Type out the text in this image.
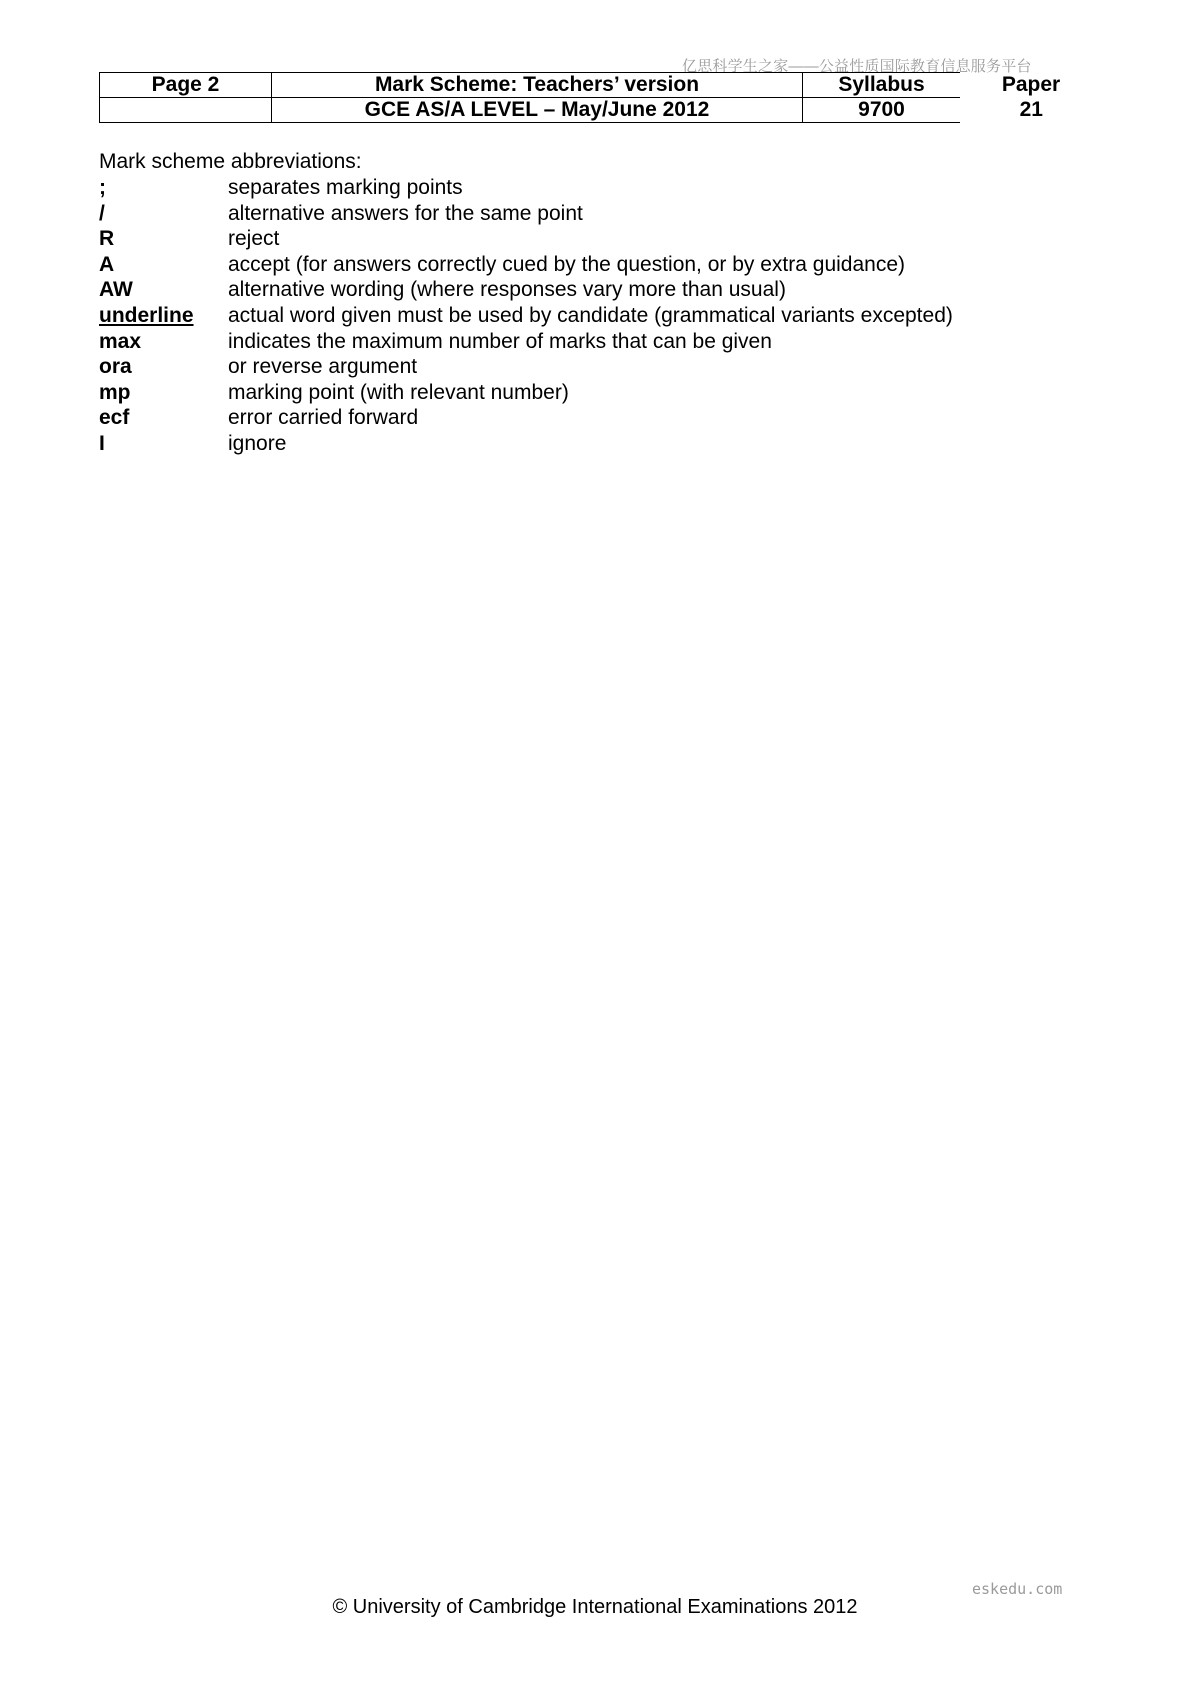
亿思科学生之家——公益性质国际教育信息服务平台
Page 2	Mark Scheme: Teachers’ version	Syllabus	Paper
	GCE AS/A LEVEL – May/June 2012	9700	21
Mark scheme abbreviations:
;	separates marking points
/	alternative answers for the same point
R	reject
A	accept (for answers correctly cued by the question, or by extra guidance)
AW	alternative wording (where responses vary more than usual)
underline	actual word given must be used by candidate (grammatical variants excepted)
max	indicates the maximum number of marks that can be given
ora	or reverse argument
mp	marking point (with relevant number)
ecf	error carried forward
I	ignore
eskedu.com
© University of Cambridge International Examinations 2012
